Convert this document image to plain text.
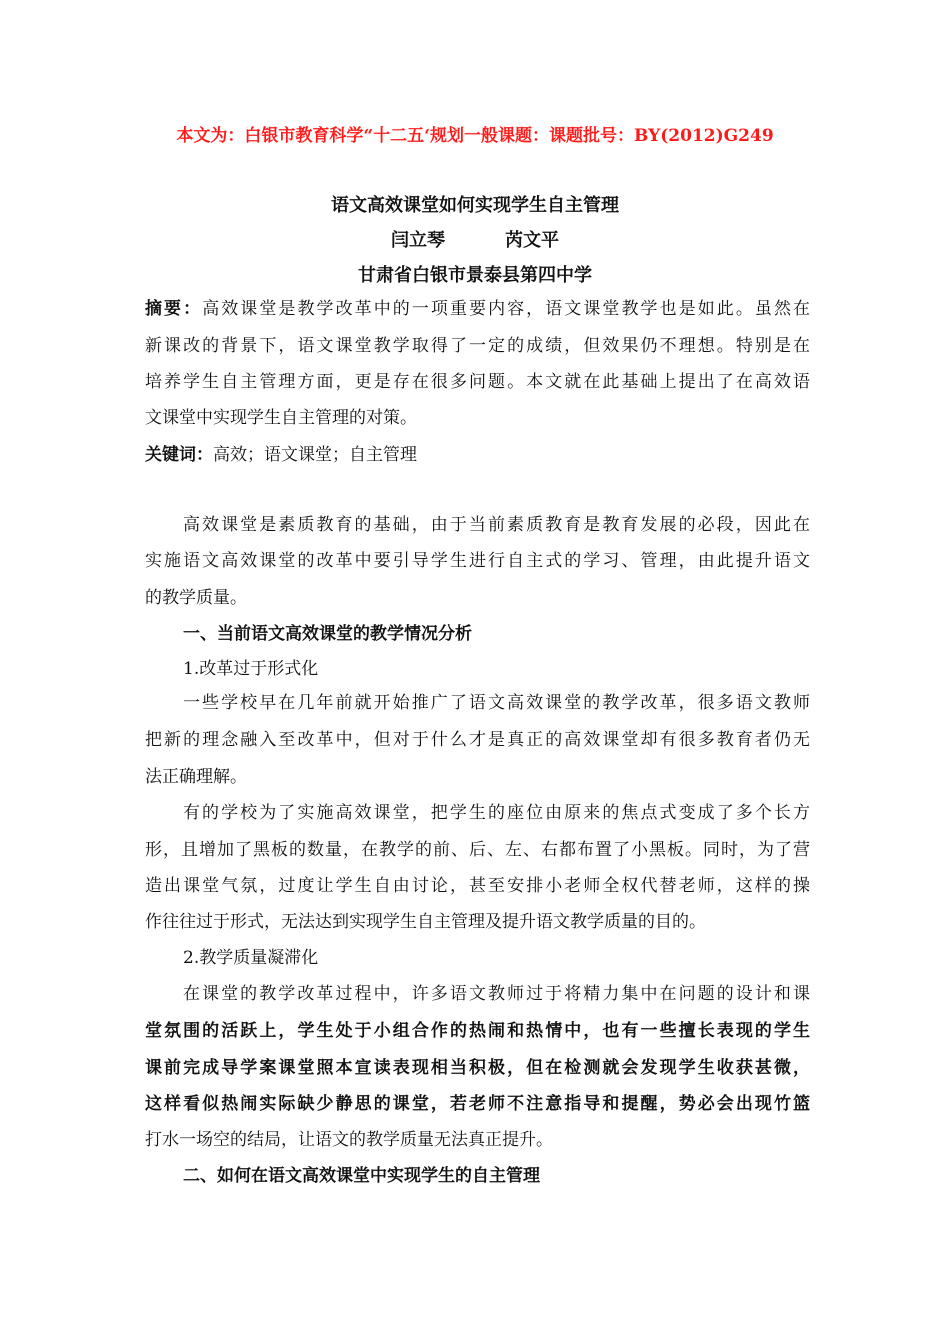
本文为：白银市教育科学“十二五‘规划一般课题：课题批号：BY(2012)G249
语文高效课堂如何实现学生自主管理
闫立琴	芮文平
甘肃省白银市景泰县第四中学
摘要：高效课堂是教学改革中的一项重要内容，语文课堂教学也是如此。虽然在
新课改的背景下，语文课堂教学取得了一定的成绩，但效果仍不理想。特别是在
培养学生自主管理方面，更是存在很多问题。本文就在此基础上提出了在高效语
文课堂中实现学生自主管理的对策。
关键词：高效；语文课堂；自主管理
高效课堂是素质教育的基础，由于当前素质教育是教育发展的必段，因此在
实施语文高效课堂的改革中要引导学生进行自主式的学习、管理，由此提升语文
的教学质量。
一、当前语文高效课堂的教学情况分析
1.改革过于形式化
一些学校早在几年前就开始推广了语文高效课堂的教学改革，很多语文教师
把新的理念融入至改革中，但对于什么才是真正的高效课堂却有很多教育者仍无
法正确理解。
有的学校为了实施高效课堂，把学生的座位由原来的焦点式变成了多个长方
形，且增加了黑板的数量，在教学的前、后、左、右都布置了小黑板。同时，为了营
造出课堂气氛，过度让学生自由讨论，甚至安排小老师全权代替老师，这样的操
作往往过于形式，无法达到实现学生自主管理及提升语文教学质量的目的。
2.教学质量凝滞化
在课堂的教学改革过程中，许多语文教师过于将精力集中在问题的设计和课
堂氛围的活跃上，学生处于小组合作的热闹和热情中，也有一些擅长表现的学生
课前完成导学案课堂照本宣读表现相当积极，但在检测就会发现学生收获甚微，
这样看似热闹实际缺少静思的课堂，若老师不注意指导和提醒，势必会出现竹篮
打水一场空的结局，让语文的教学质量无法真正提升。
二、如何在语文高效课堂中实现学生的自主管理
